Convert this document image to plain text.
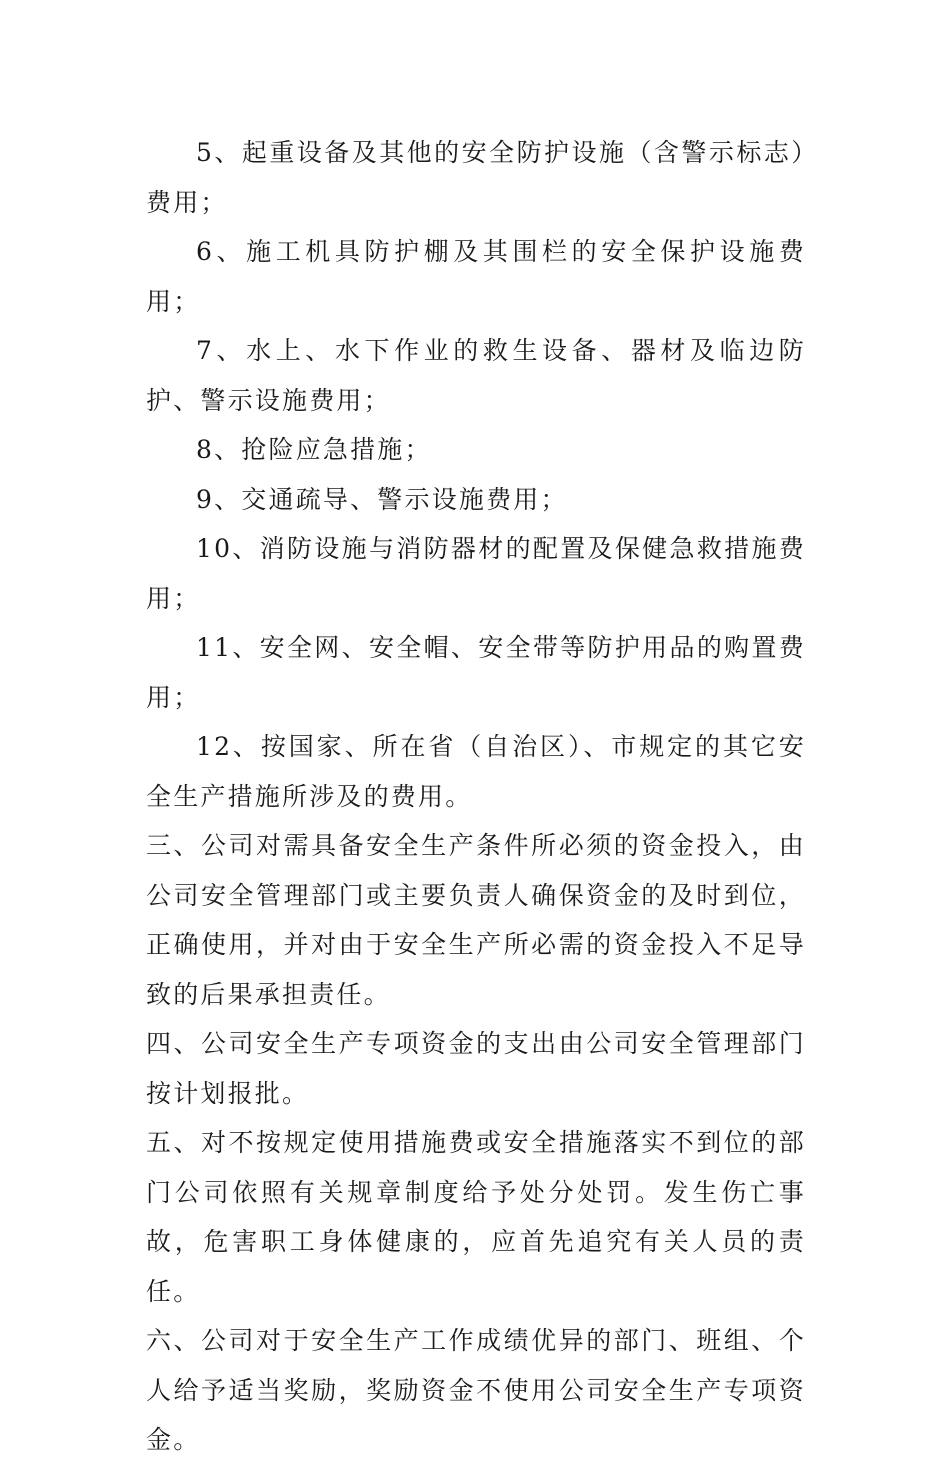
5、起重设备及其他的安全防护设施（含警示标志）费用；

6、施工机具防护棚及其围栏的安全保护设施费用；

7、水上、水下作业的救生设备、器材及临边防护、警示设施费用；

8、抢险应急措施；

9、交通疏导、警示设施费用；

10、消防设施与消防器材的配置及保健急救措施费用；

11、安全网、安全帽、安全带等防护用品的购置费用；

12、按国家、所在省（自治区）、市规定的其它安全生产措施所涉及的费用。

三、公司对需具备安全生产条件所必须的资金投入，由公司安全管理部门或主要负责人确保资金的及时到位，正确使用，并对由于安全生产所必需的资金投入不足导致的后果承担责任。

四、公司安全生产专项资金的支出由公司安全管理部门按计划报批。

五、对不按规定使用措施费或安全措施落实不到位的部门公司依照有关规章制度给予处分处罚。发生伤亡事故，危害职工身体健康的，应首先追究有关人员的责任。

六、公司对于安全生产工作成绩优异的部门、班组、个人给予适当奖励，奖励资金不使用公司安全生产专项资金。
